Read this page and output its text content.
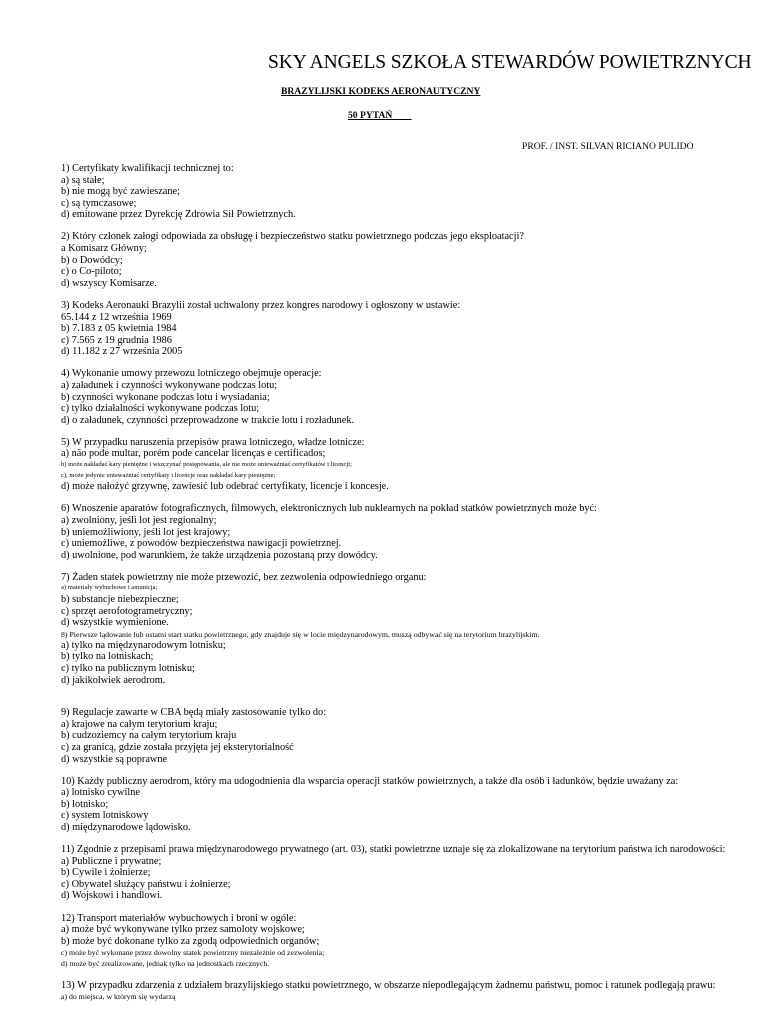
SKY ANGELS SZKOŁA STEWARDÓW POWIETRZNYCH
BRAZYLIJSKI KODEKS AERONAUTYCZNY
50 PYTAŃ
PROF. / INST. SILVAN RICIANO PULIDO
1) Certyfikaty kwalifikacji technicznej to:
a) są stałe;
b) nie mogą być zawieszane;
c) są tymczasowe;
d) emitowane przez Dyrekcję Zdrowia Sił Powietrznych.
2) Który członek załogi odpowiada za obsługę i bezpieczeństwo statku powietrznego podczas jego eksploatacji?
a Komisarz Główny;
b) o Dowódcy;
c) o Co-piloto;
d) wszyscy Komisarze.
3) Kodeks Aeronauki Brazylii został uchwalony przez kongres narodowy i ogłoszony w ustawie:
65.144 z 12 września 1969
b) 7.183 z 05 kwietnia 1984
c) 7.565 z 19 grudnia 1986
d) 11.182 z 27 września 2005
4) Wykonanie umowy przewozu lotniczego obejmuje operacje:
a) załadunek i czynności wykonywane podczas lotu;
b) czynności wykonane podczas lotu i wysiadania;
c) tylko działalności wykonywane podczas lotu;
d) o załadunek, czynności przeprowadzone w trakcie lotu i rozładunek.
5) W przypadku naruszenia przepisów prawa lotniczego, władze lotnicze:
a) não pode multar, porém pode cancelar licenças e certificados;
b) może nakładać kary pieniężne i wszczynać postępowania, ale nie może unieważniać certyfikatów i licencji;
c), może jedynie unieważniać certyfikaty i licencje oraz nakładać kary pieniężne;
d) może nałożyć grzywnę, zawiesić lub odebrać certyfikaty, licencje i koncesje.
6) Wnoszenie aparatów fotograficznych, filmowych, elektronicznych lub nuklearnych na pokład statków powietrznych może być:
a) zwolniony, jeśli lot jest regionalny;
b) uniemożliwiony, jeśli lot jest krajowy;
c) uniemożliwe, z powodów bezpieczeństwa nawigacji powietrznej.
d) uwolnione, pod warunkiem, że także urządzenia pozostaną przy dowódcy.
7) Żaden statek powietrzny nie może przewozić, bez zezwolenia odpowiedniego organu:
a) materiały wybuchowe i amunicja;
b) substancje niebezpieczne;
c) sprzęt aerofotogrametryczny;
d) wszystkie wymienione.
8) Pierwsze lądowanie lub ostatni start statku powietrznego, gdy znajduje się w locie międzynarodowym, muszą odbywać się na terytorium brazylijskim:
a) tylko na międzynarodowym lotnisku;
b) tylko na lotniskach;
c) tylko na publicznym lotnisku;
d) jakikolwiek aerodrom.
9) Regulacje zawarte w CBA będą miały zastosowanie tylko do:
a) krajowe na całym terytorium kraju;
b) cudzoziemcy na całym terytorium kraju
c) za granicą, gdzie została przyjęta jej eksterytorialność
d) wszystkie są poprawne
10) Każdy publiczny aerodrom, który ma udogodnienia dla wsparcia operacji statków powietrznych, a także dla osób i ładunków, będzie uważany za:
a) lotnisko cywilne
b) lotnisko;
c) system lotniskowy
d) międzynarodowe lądowisko.
11) Zgodnie z przepisami prawa międzynarodowego prywatnego (art. 03), statki powietrzne uznaje się za zlokalizowane na terytorium państwa ich narodowości:
a) Publiczne i prywatne;
b) Cywile i żołnierze;
c) Obywatel służący państwu i żołnierze;
d) Wojskowi i handlowi.
12) Transport materiałów wybuchowych i broni w ogóle:
a) może być wykonywane tylko przez samoloty wojskowe;
b) może być dokonane tylko za zgodą odpowiednich organów;
c) może być wykonane przez dowolny statek powietrzny niezależnie od zezwolenia;
d) może być zrealizowane, jednak tylko na jednostkach rzecznych.
13) W przypadku zdarzenia z udziałem brazylijskiego statku powietrznego, w obszarze niepodlegającym żadnemu państwu, pomoc i ratunek podlegają prawu:
a) do miejsca, w którym się wydarzą
